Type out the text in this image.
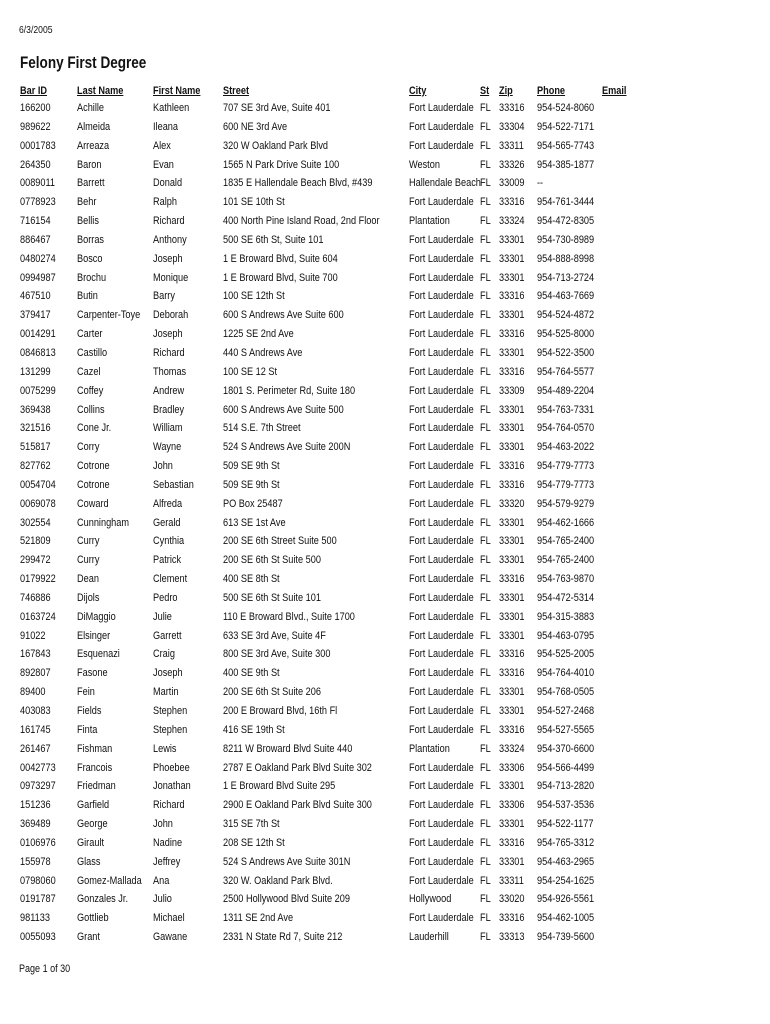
6/3/2005
Felony First Degree
Bar ID	Last Name	First Name Street	City	St Zip Phone	Email
166200 Achille	Kathleen	707 SE 3rd Ave, Suite 401	Fort Lauderdale FL 33316 954-524-8060
989622 Almeida	Ileana	600 NE 3rd Ave	Fort Lauderdale FL 33304 954-522-7171
0001783 Arreaza	Alex	320 W Oakland Park Blvd	Fort Lauderdale FL 33311 954-565-7743
264350 Baron	Evan	1565 N Park Drive Suite 100	Weston	FL 33326 954-385-1877
0089011 Barrett	Donald	1835 E Hallendale Beach Blvd, #439	Hallendale Beach FL 33009 --
0778923 Behr	Ralph	101 SE 10th St	Fort Lauderdale FL 33316 954-761-3444
716154 Bellis	Richard	400 North Pine Island Road, 2nd Floor	Plantation	FL 33324 954-472-8305
886467 Borras	Anthony	500 SE 6th St, Suite 101	Fort Lauderdale FL 33301 954-730-8989
0480274 Bosco	Joseph	1 E Broward Blvd, Suite 604	Fort Lauderdale FL 33301 954-888-8998
0994987 Brochu	Monique	1 E Broward Blvd, Suite 700	Fort Lauderdale FL 33301 954-713-2724
467510 Butin	Barry	100 SE 12th St	Fort Lauderdale FL 33316 954-463-7669
379417 Carpenter-Toye Deborah	600 S Andrews Ave Suite 600	Fort Lauderdale FL 33301 954-524-4872
0014291 Carter	Joseph	1225 SE 2nd Ave	Fort Lauderdale FL 33316 954-525-8000
0846813 Castillo	Richard	440 S Andrews Ave	Fort Lauderdale FL 33301 954-522-3500
131299 Cazel	Thomas	100 SE 12 St	Fort Lauderdale FL 33316 954-764-5577
0075299 Coffey	Andrew	1801 S. Perimeter Rd, Suite 180	Fort Lauderdale FL 33309 954-489-2204
369438 Collins	Bradley	600 S Andrews Ave Suite 500	Fort Lauderdale FL 33301 954-763-7331
321516 Cone Jr.	William	514 S.E. 7th Street	Fort Lauderdale FL 33301 954-764-0570
515817 Corry	Wayne	524 S Andrews Ave Suite 200N	Fort Lauderdale FL 33301 954-463-2022
827762 Cotrone	John	509 SE 9th St	Fort Lauderdale FL 33316 954-779-7773
0054704 Cotrone	Sebastian	509 SE 9th St	Fort Lauderdale FL 33316 954-779-7773
0069078 Coward	Alfreda	PO Box 25487	Fort Lauderdale FL 33320 954-579-9279
302554 Cunningham Gerald	613 SE 1st Ave	Fort Lauderdale FL 33301 954-462-1666
521809 Curry	Cynthia	200 SE 6th Street Suite 500	Fort Lauderdale FL 33301 954-765-2400
299472 Curry	Patrick	200 SE 6th St Suite 500	Fort Lauderdale FL 33301 954-765-2400
0179922 Dean	Clement	400 SE 8th St	Fort Lauderdale FL 33316 954-763-9870
746886 Dijols	Pedro	500 SE 6th St Suite 101	Fort Lauderdale FL 33301 954-472-5314
0163724 DiMaggio	Julie	110 E Broward Blvd., Suite 1700	Fort Lauderdale FL 33301 954-315-3883
91022	Elsinger	Garrett	633 SE 3rd Ave, Suite 4F	Fort Lauderdale FL 33301 954-463-0795
167843 Esquenazi	Craig	800 SE 3rd Ave, Suite 300	Fort Lauderdale FL 33316 954-525-2005
892807 Fasone	Joseph	400 SE 9th St	Fort Lauderdale FL 33316 954-764-4010
89400	Fein	Martin	200 SE 6th St Suite 206	Fort Lauderdale FL 33301 954-768-0505
403083 Fields	Stephen	200 E Broward Blvd, 16th Fl	Fort Lauderdale FL 33301 954-527-2468
161745 Finta	Stephen	416 SE 19th St	Fort Lauderdale FL 33316 954-527-5565
261467 Fishman	Lewis	8211 W Broward Blvd Suite 440	Plantation	FL 33324 954-370-6600
0042773 Francois	Phoebee	2787 E Oakland Park Blvd Suite 302	Fort Lauderdale FL 33306 954-566-4499
0973297 Friedman	Jonathan	1 E Broward Blvd Suite 295	Fort Lauderdale FL 33301 954-713-2820
151236 Garfield	Richard	2900 E Oakland Park Blvd Suite 300	Fort Lauderdale FL 33306 954-537-3536
369489 George	John	315 SE 7th St	Fort Lauderdale FL 33301 954-522-1177
0106976 Girault	Nadine	208 SE 12th St	Fort Lauderdale FL 33316 954-765-3312
155978 Glass	Jeffrey	524 S Andrews Ave Suite 301N	Fort Lauderdale FL 33301 954-463-2965
0798060 Gomez-Mallada Ana	320 W. Oakland Park Blvd.	Fort Lauderdale FL 33311 954-254-1625
0191787 Gonzales Jr. Julio	2500 Hollywood Blvd Suite 209	Hollywood	FL 33020 954-926-5561
981133 Gottlieb	Michael	1311 SE 2nd Ave	Fort Lauderdale FL 33316 954-462-1005
0055093 Grant	Gawane	2331 N State Rd 7, Suite 212	Lauderhill	FL 33313 954-739-5600
Page 1 of 30
